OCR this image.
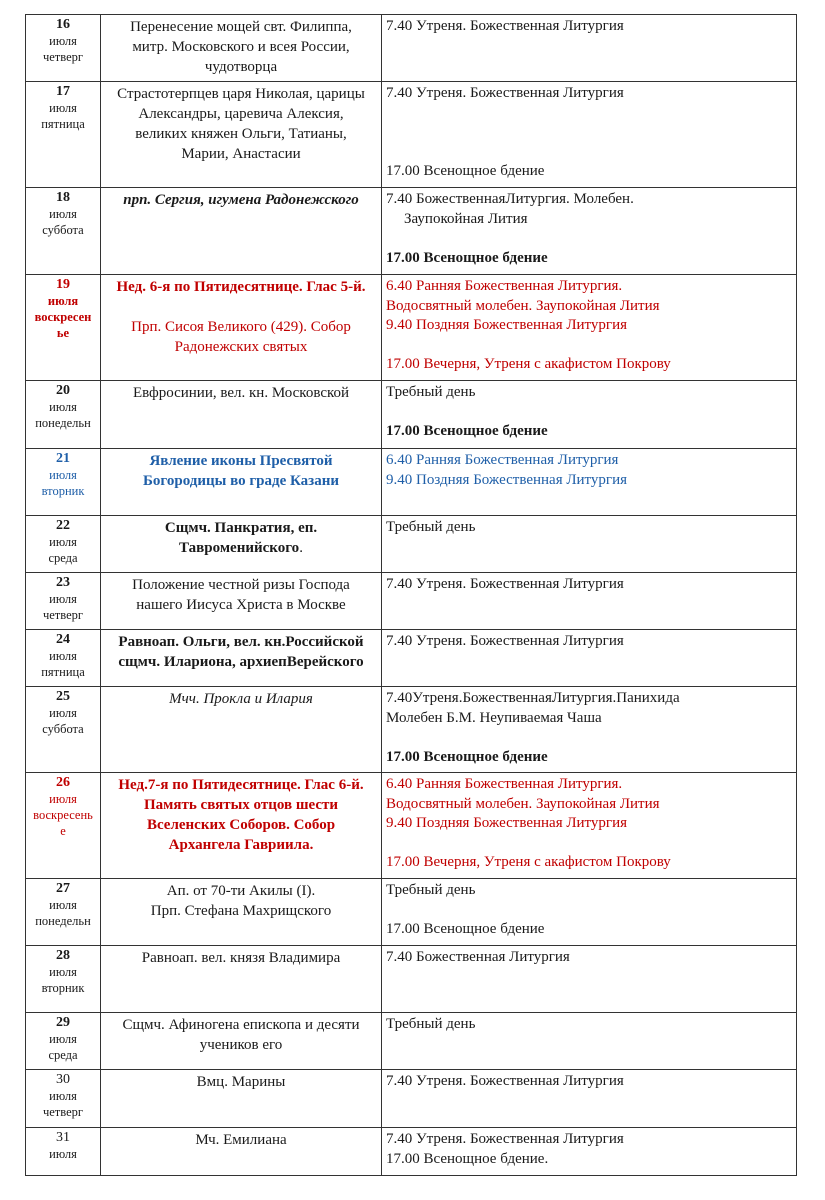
16
июля
четверг	Перенесение мощей свт. Филиппа,
митр. Московского и всея России,
чудотворца	7.40 Утреня. Божественная Литургия

17
июля
пятница	Страстотерпцев царя Николая, царицы
Александры, царевича Алексия,
великих княжен Ольги, Татианы,
Марии, Анастасии	7.40 Утреня. Божественная Литургия
17.00 Всенощное бдение

18
июля
суббота	прп. Сергия, игумена Радонежского	7.40 БожественнаяЛитургия. Молебен.
Заупокойная Лития
17.00 Всенощное бдение

19
июля
воскресен
ье	Нед. 6-я по Пятидесятнице. Глас 5-й.
Прп. Сисоя Великого (429). Собор
Радонежских святых	6.40 Ранняя Божественная Литургия.
Водосвятный молебен. Заупокойная Лития
9.40 Поздняя Божественная Литургия
17.00 Вечерня, Утреня с акафистом Покрову

20
июля
понедельн	Евфросинии, вел. кн. Московской	Требный день
17.00 Всенощное бдение

21
июля
вторник	Явление иконы Пресвятой
Богородицы во граде Казани	6.40 Ранняя Божественная Литургия
9.40 Поздняя Божественная Литургия

22
июля
среда	Сщмч. Панкратия, еп.
Тавроменийского.	Требный день

23
июля
четверг	Положение честной ризы Господа
нашего Иисуса Христа в Москве	7.40 Утреня. Божественная Литургия

24
июля
пятница	Равноап. Ольги, вел. кн.Российской
сщмч. Илариона, архиепВерейского	7.40 Утреня. Божественная Литургия

25
июля
суббота	Мчч. Прокла и Илария	7.40Утреня.БожественнаяЛитургия.Панихида
Молебен Б.М. Неупиваемая Чаша
17.00 Всенощное бдение

26
июля
воскресень
е	Нед.7-я по Пятидесятнице. Глас 6-й.
Память святых отцов шести
Вселенских Соборов. Собор
Архангела Гавриила.	6.40 Ранняя Божественная Литургия.
Водосвятный молебен. Заупокойная Лития
9.40 Поздняя Божественная Литургия
17.00 Вечерня, Утреня с акафистом Покрову

27
июля
понедельн	Ап. от 70-ти Акилы (I).
Прп. Стефана Махрищского	Требный день
17.00 Всенощное бдение

28
июля
вторник	Равноап. вел. князя Владимира	7.40 Божественная Литургия

29
июля
среда	Сщмч. Афиногена епископа и десяти
учеников его	Требный день

30
июля
четверг	Вмц. Марины	7.40 Утреня. Божественная Литургия

31
июля	Мч. Емилиана	7.40 Утреня. Божественная Литургия
17.00 Всенощное бдение.
